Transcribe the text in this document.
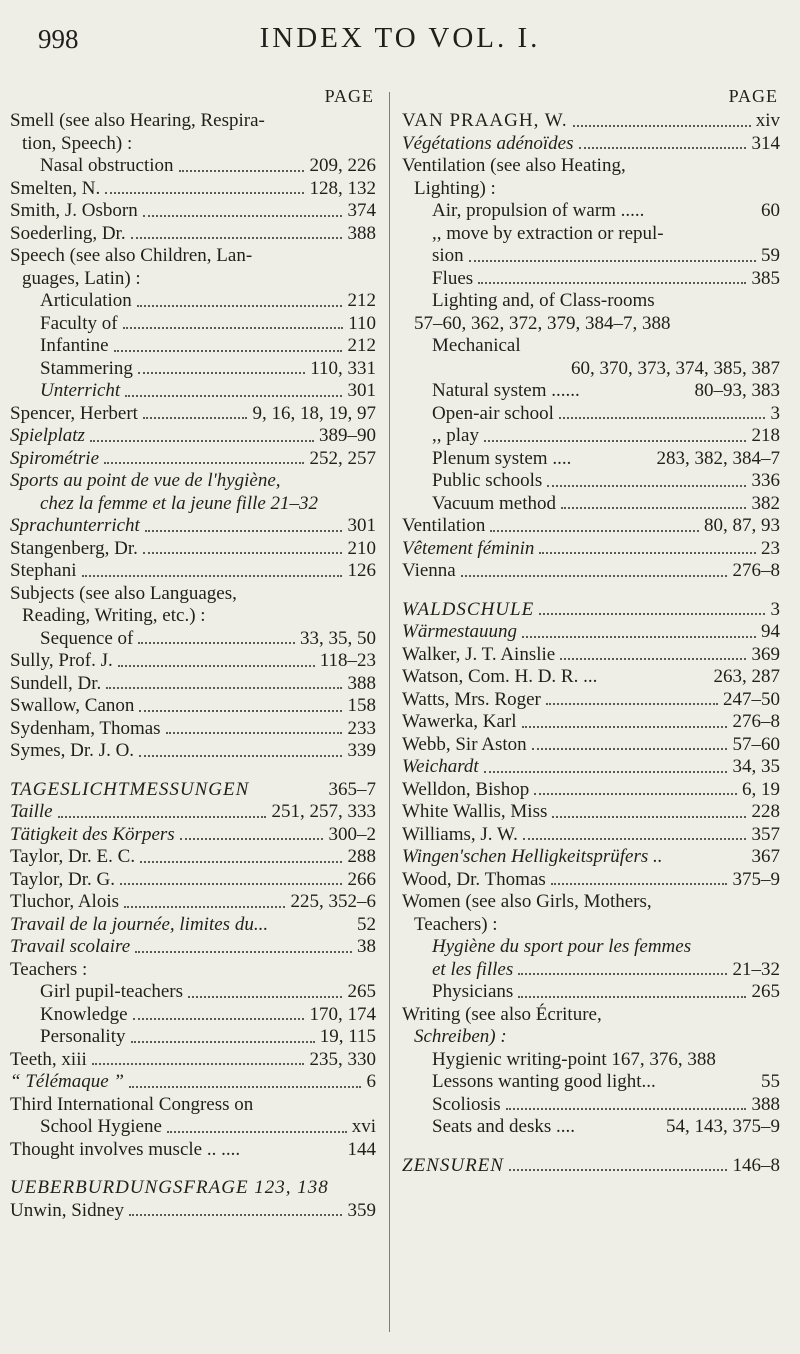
998	INDEX TO VOL. I.
PAGE
Smell (see also Hearing, Respira-
tion, Speech) :
Nasal obstruction	209, 226
Smelten, N.	128, 132
Smith, J. Osborn	374
Soederling, Dr.	388
Speech (see also Children, Lan-
guages, Latin) :
Articulation	212
Faculty of	110
Infantine	212
Stammering	110, 331
Unterricht	301
Spencer, Herbert	9, 16, 18, 19, 97
Spielplatz	389–90
Spirométrie	252, 257
Sports au point de vue de l'hygiène,
chez la femme et la jeune fille 21–32
Sprachunterricht	301
Stangenberg, Dr.	210
Stephani	126
Subjects (see also Languages,
Reading, Writing, etc.) :
Sequence of	33, 35, 50
Sully, Prof. J.	118–23
Sundell, Dr.	388
Swallow, Canon	158
Sydenham, Thomas	233
Symes, Dr. J. O.	339
TAGESLICHTMESSUNGEN	365–7
Taille	251, 257, 333
Tätigkeit des Körpers	300–2
Taylor, Dr. E. C.	288
Taylor, Dr. G.	266
Tluchor, Alois	225, 352–6
Travail de la journée, limites du...	52
Travail scolaire	38
Teachers :
Girl pupil-teachers	265
Knowledge	170, 174
Personality	19, 115
Teeth, xiii	235, 330
“ Télémaque ”	6
Third International Congress on
School Hygiene	xvi
Thought involves muscle .. ....	144
UEBERBURDUNGSFRAGE 123, 138
Unwin, Sidney	359
PAGE
VAN PRAAGH, W.	xiv
Végétations adénoïdes	314
Ventilation (see also Heating,
Lighting) :
Air, propulsion of warm .....	60
,, move by extraction or repul-
sion	59
Flues	385
Lighting and, of Class-rooms
57–60, 362, 372, 379, 384–7, 388
Mechanical
60, 370, 373, 374, 385, 387
Natural system ......	80–93, 383
Open-air school	3
,, play	218
Plenum system ....	283, 382, 384–7
Public schools	336
Vacuum method	382
Ventilation	80, 87, 93
Vêtement féminin	23
Vienna	276–8
WALDSCHULE	3
Wärmestauung	94
Walker, J. T. Ainslie	369
Watson, Com. H. D. R. ...	263, 287
Watts, Mrs. Roger	247–50
Wawerka, Karl	276–8
Webb, Sir Aston	57–60
Weichardt	34, 35
Welldon, Bishop	6, 19
White Wallis, Miss	228
Williams, J. W.	357
Wingen'schen Helligkeitsprüfers ..	367
Wood, Dr. Thomas	375–9
Women (see also Girls, Mothers,
Teachers) :
Hygiène du sport pour les femmes
et les filles	21–32
Physicians	265
Writing (see also Écriture,
Schreiben) :
Hygienic writing-point 167, 376, 388
Lessons wanting good light...	55
Scoliosis	388
Seats and desks ....	54, 143, 375–9
ZENSUREN	146–8
